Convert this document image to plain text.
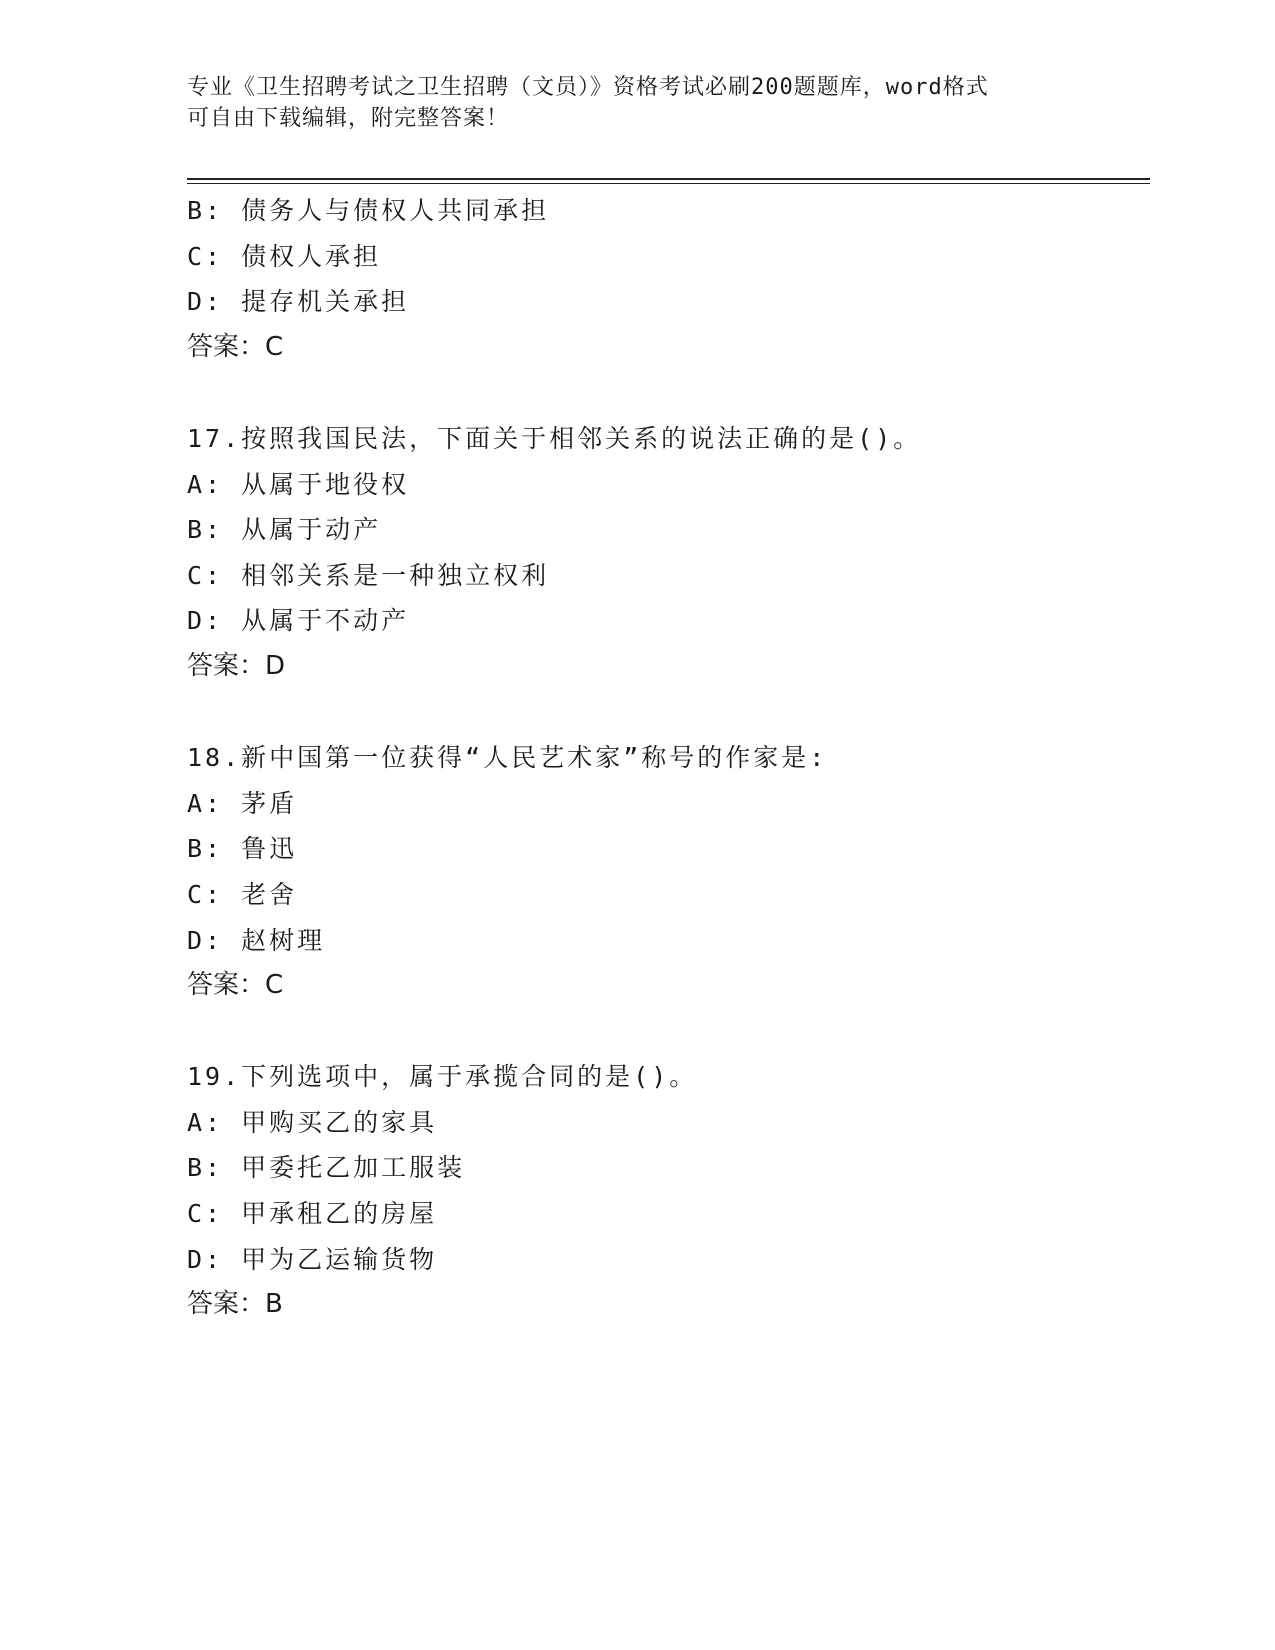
专业《卫生招聘考试之卫生招聘（文员）》资格考试必刷200题题库，word格式
可自由下载编辑，附完整答案！
B: 债务人与债权人共同承担
C: 债权人承担
D: 提存机关承担
答案：C
17.按照我国民法，下面关于相邻关系的说法正确的是()。
A: 从属于地役权
B: 从属于动产
C: 相邻关系是一种独立权利
D: 从属于不动产
答案：D
18.新中国第一位获得“人民艺术家”称号的作家是:
A: 茅盾
B: 鲁迅
C: 老舍
D: 赵树理
答案：C
19.下列选项中，属于承揽合同的是()。
A: 甲购买乙的家具
B: 甲委托乙加工服装
C: 甲承租乙的房屋
D: 甲为乙运输货物
答案：B
